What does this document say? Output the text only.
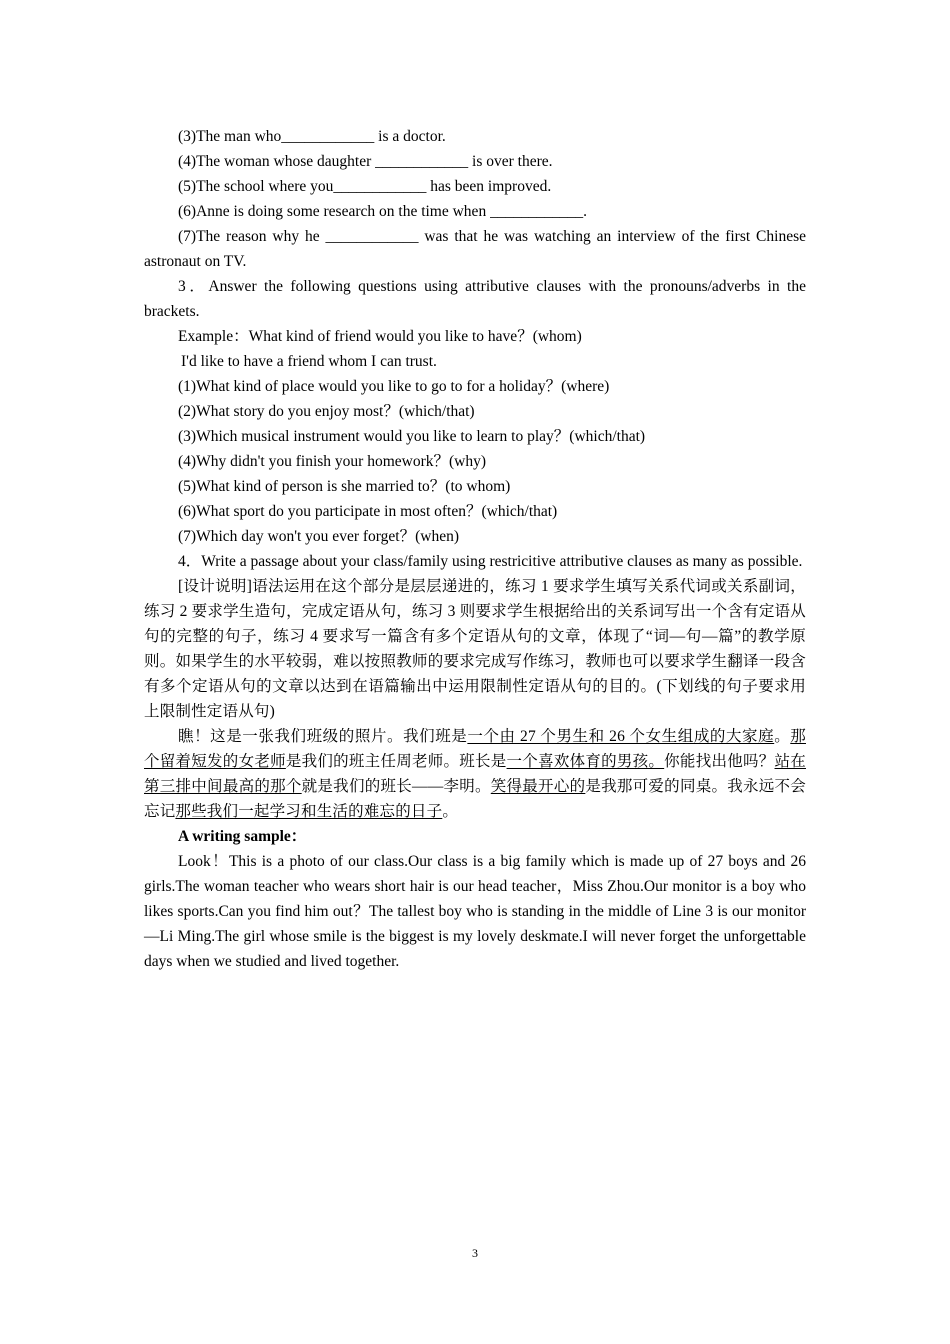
(3)The man who____________ is a doctor.
(4)The woman whose daughter ____________ is over there.
(5)The school where you____________ has been improved.
(6)Anne is doing some research on the time when ____________.
(7)The reason why he ____________ was that he was watching an interview of the first Chinese astronaut on TV.
3．Answer the following questions using attributive clauses with the pronouns/adverbs in the brackets.
Example：What kind of friend would you like to have？(whom)
I'd like to have a friend whom I can trust.
(1)What kind of place would you like to go to for a holiday？(where)
(2)What story do you enjoy most？(which/that)
(3)Which musical instrument would you like to learn to play？(which/that)
(4)Why didn't you finish your homework？(why)
(5)What kind of person is she married to？(to whom)
(6)What sport do you participate in most often？(which/that)
(7)Which day won't you ever forget？(when)
4．Write a passage about your class/family using restricitive attributive clauses as many as possible.
[设计说明]语法运用在这个部分是层层递进的，练习 1 要求学生填写关系代词或关系副词，练习 2 要求学生造句，完成定语从句，练习 3 则要求学生根据给出的关系词写出一个含有定语从句的完整的句子，练习 4 要求写一篇含有多个定语从句的文章，体现了“词—句—篇”的教学原则。如果学生的水平较弱，难以按照教师的要求完成写作练习，教师也可以要求学生翻译一段含有多个定语从句的文章以达到在语篇输出中运用限制性定语从句的目的。(下划线的句子要求用上限制性定语从句)
瞧！这是一张我们班级的照片。我们班是一个由 27 个男生和 26 个女生组成的大家庭。那个留着短发的女老师是我们的班主任周老师。班长是一个喜欢体育的男孩。你能找出他吗？站在第三排中间最高的那个就是我们的班长——李明。笑得最开心的是我那可爱的同桌。我永远不会忘记那些我们一起学习和生活的难忘的日子。
A writing sample：
Look！This is a photo of our class.Our class is a big family which is made up of 27 boys and 26 girls.The woman teacher who wears short hair is our head teacher，Miss Zhou.Our monitor is a boy who likes sports.Can you find him out？The tallest boy who is standing in the middle of Line 3 is our monitor—Li Ming.The girl whose smile is the biggest is my lovely deskmate.I will never forget the unforgettable days when we studied and lived together.
3
